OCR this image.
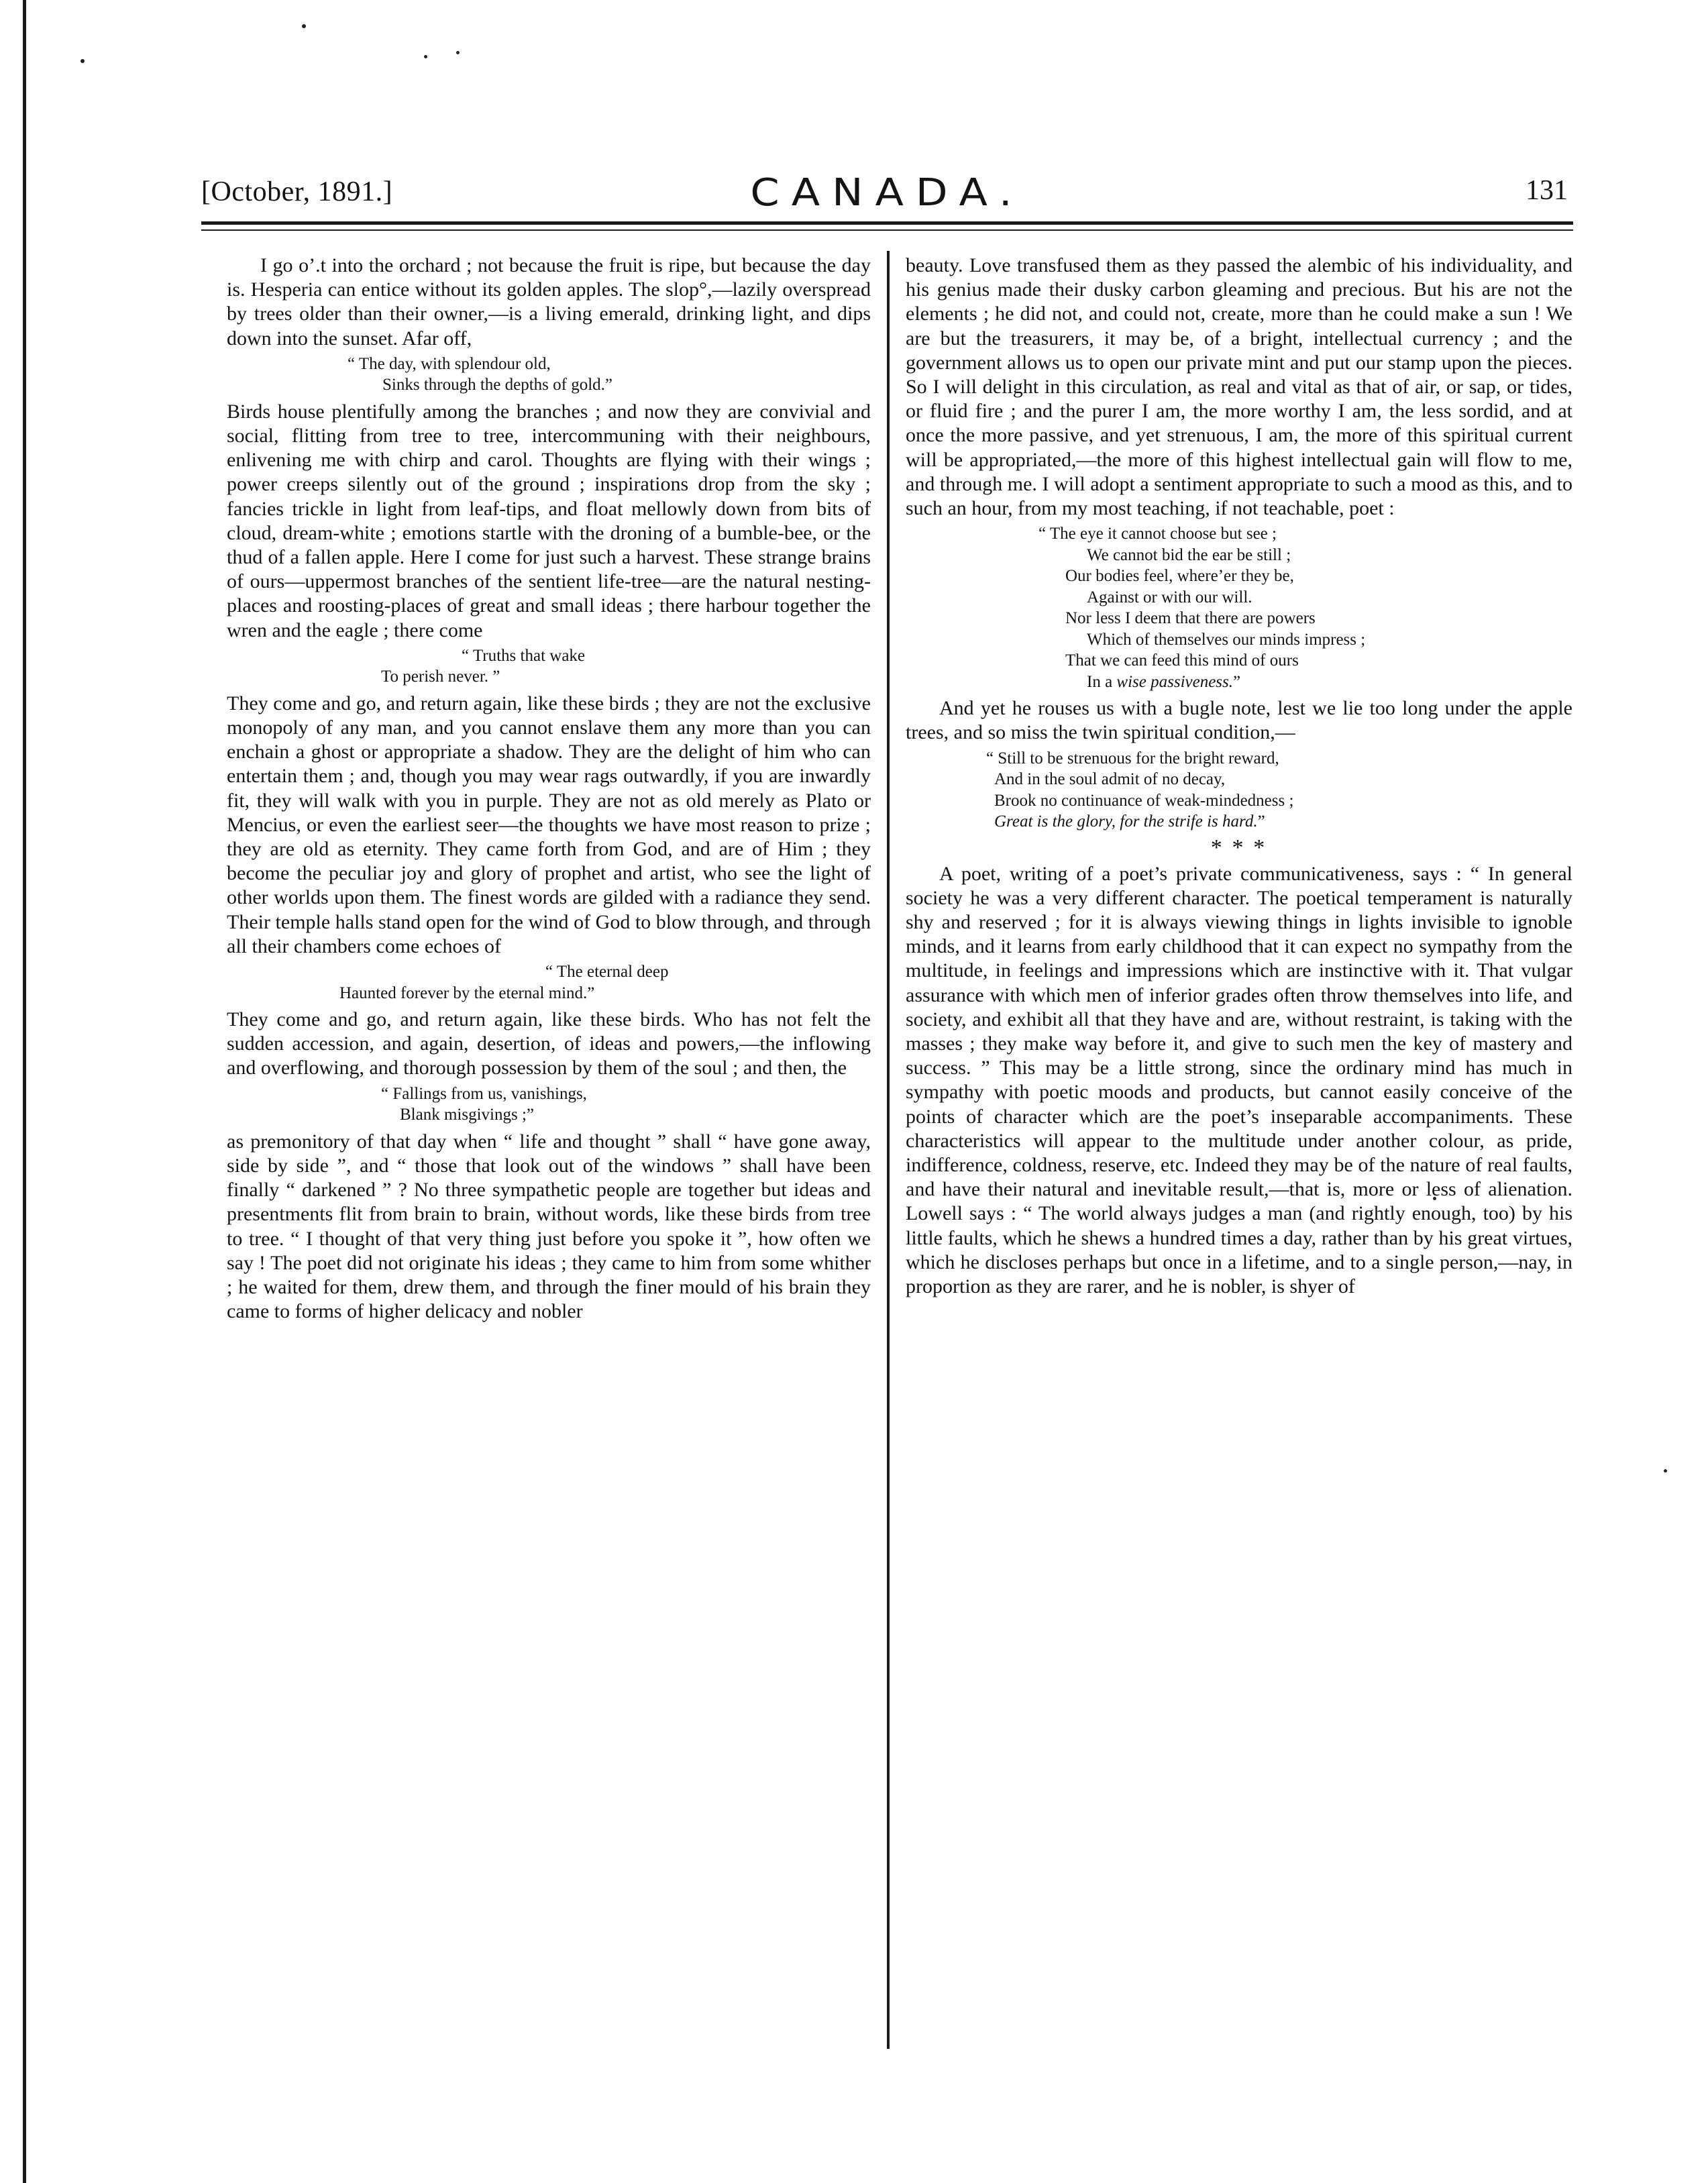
[October, 1891.]	CANADA.	131

I go o’.t into the orchard ; not because the fruit is ripe, but because the day is. Hesperia can entice without its golden apples. The slop°,—lazily overspread by trees older than their owner,—is a living emerald, drinking light, and dips down into the sunset. Afar off,

“ The day, with splendour old,
Sinks through the depths of gold.”

Birds house plentifully among the branches ; and now they are convivial and social, flitting from tree to tree, intercommuning with their neighbours, enlivening me with chirp and carol. Thoughts are flying with their wings ; power creeps silently out of the ground ; inspirations drop from the sky ; fancies trickle in light from leaf-tips, and float mellowly down from bits of cloud, dream-white ; emotions startle with the droning of a bumble-bee, or the thud of a fallen apple. Here I come for just such a harvest. These strange brains of ours—uppermost branches of the sentient life-tree—are the natural nesting-places and roosting-places of great and small ideas ; there harbour together the wren and the eagle ; there come

“ Truths that wake
To perish never. ”

They come and go, and return again, like these birds ; they are not the exclusive monopoly of any man, and you cannot enslave them any more than you can enchain a ghost or appropriate a shadow. They are the delight of him who can entertain them ; and, though you may wear rags outwardly, if you are inwardly fit, they will walk with you in purple. They are not as old merely as Plato or Mencius, or even the earliest seer—the thoughts we have most reason to prize ; they are old as eternity. They came forth from God, and are of Him ; they become the peculiar joy and glory of prophet and artist, who see the light of other worlds upon them. The finest words are gilded with a radiance they send. Their temple halls stand open for the wind of God to blow through, and through all their chambers come echoes of

“ The eternal deep
Haunted forever by the eternal mind.”

They come and go, and return again, like these birds. Who has not felt the sudden accession, and again, desertion, of ideas and powers,—the inflowing and overflowing, and thorough possession by them of the soul ; and then, the

“ Fallings from us, vanishings,
Blank misgivings ;”

as premonitory of that day when “ life and thought ” shall “ have gone away, side by side ”, and “ those that look out of the windows ” shall have been finally “ darkened ” ? No three sympathetic people are together but ideas and presentments flit from brain to brain, without words, like these birds from tree to tree. “ I thought of that very thing just before you spoke it ”, how often we say ! The poet did not originate his ideas ; they came to him from some whither ; he waited for them, drew them, and through the finer mould of his brain they came to forms of higher delicacy and nobler

beauty. Love transfused them as they passed the alembic of his individuality, and his genius made their dusky carbon gleaming and precious. But his are not the elements ; he did not, and could not, create, more than he could make a sun ! We are but the treasurers, it may be, of a bright, intellectual currency ; and the government allows us to open our private mint and put our stamp upon the pieces. So I will delight in this circulation, as real and vital as that of air, or sap, or tides, or fluid fire ; and the purer I am, the more worthy I am, the less sordid, and at once the more passive, and yet strenuous, I am, the more of this spiritual current will be appropriated,—the more of this highest intellectual gain will flow to me, and through me. I will adopt a sentiment appropriate to such a mood as this, and to such an hour, from my most teaching, if not teachable, poet :

“ The eye it cannot choose but see ;
We cannot bid the ear be still ;
Our bodies feel, where’er they be,
Against or with our will.
Nor less I deem that there are powers
Which of themselves our minds impress ;
That we can feed this mind of ours
In a wise passiveness.”

And yet he rouses us with a bugle note, lest we lie too long under the apple trees, and so miss the twin spiritual condition,—

“ Still to be strenuous for the bright reward,
And in the soul admit of no decay,
Brook no continuance of weak-mindedness ;
Great is the glory, for the strife is hard.”
* * *

A poet, writing of a poet’s private communicativeness, says : “ In general society he was a very different character. The poetical temperament is naturally shy and reserved ; for it is always viewing things in lights invisible to ignoble minds, and it learns from early childhood that it can expect no sympathy from the multitude, in feelings and impressions which are instinctive with it. That vulgar assurance with which men of inferior grades often throw themselves into life, and society, and exhibit all that they have and are, without restraint, is taking with the masses ; they make way before it, and give to such men the key of mastery and success. ” This may be a little strong, since the ordinary mind has much in sympathy with poetic moods and products, but cannot easily conceive of the points of character which are the poet’s inseparable accompaniments. These characteristics will appear to the multitude under another colour, as pride, indifference, coldness, reserve, etc. Indeed they may be of the nature of real faults, and have their natural and inevitable result,—that is, more or less of alienation. Lowell says : “ The world always judges a man (and rightly enough, too) by his little faults, which he shews a hundred times a day, rather than by his great virtues, which he discloses perhaps but once in a lifetime, and to a single person,—nay, in proportion as they are rarer, and he is nobler, is shyer of
